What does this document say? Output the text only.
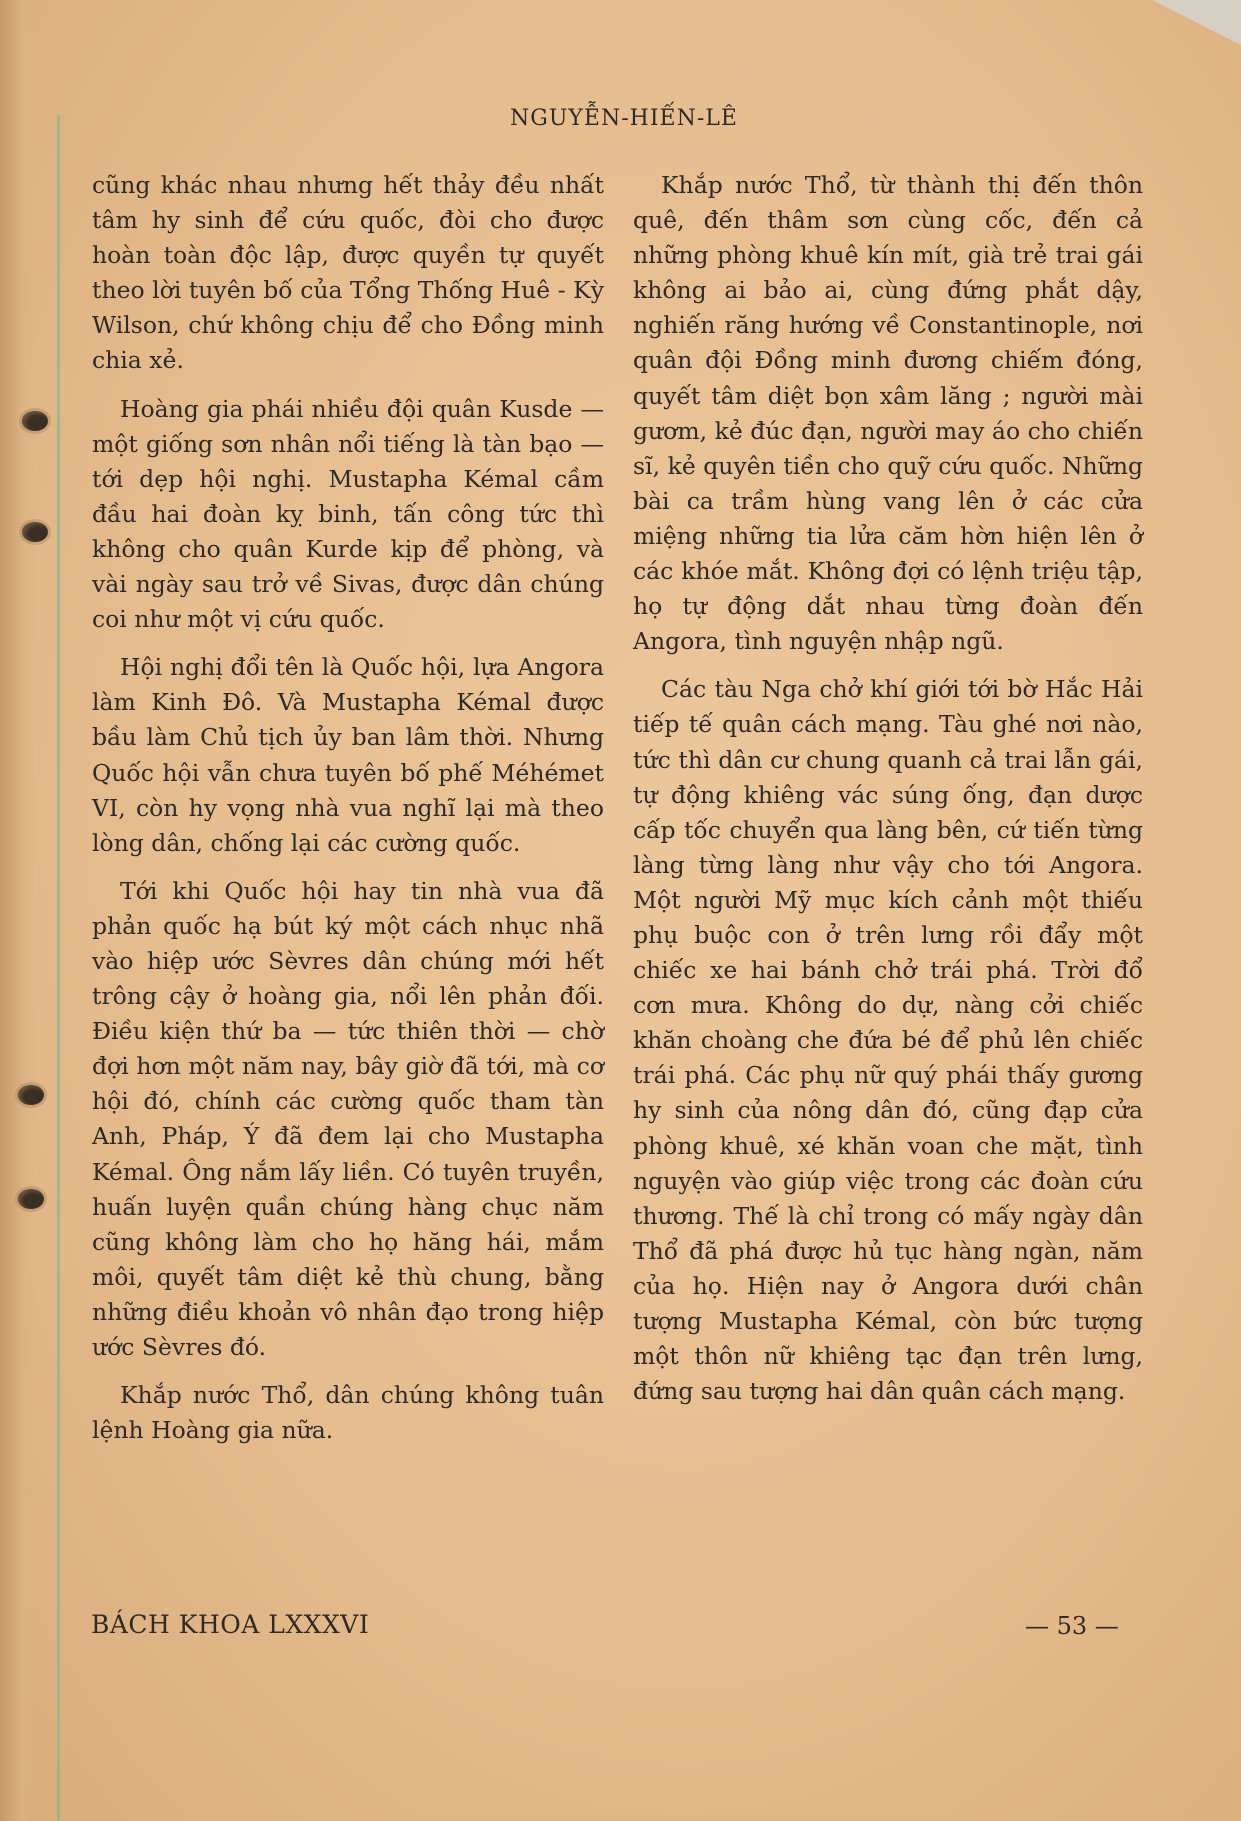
NGUYỄN-HIẾN-LÊ

cũng khác nhau nhưng hết thảy đều nhất tâm hy sinh để cứu quốc, đòi cho được hoàn toàn độc lập, được quyền tự quyết theo lời tuyên bố của Tổng Thống Huê - Kỳ Wilson, chứ không chịu để cho Đồng minh chia xẻ.

Hoàng gia phái nhiều đội quân Kusde — một giống sơn nhân nổi tiếng là tàn bạo — tới dẹp hội nghị. Mustapha Kémal cầm đầu hai đoàn kỵ binh, tấn công tức thì không cho quân Kurde kịp để phòng, và vài ngày sau trở về Sivas, được dân chúng coi như một vị cứu quốc.

Hội nghị đổi tên là Quốc hội, lựa Angora làm Kinh Đô. Và Mustapha Kémal được bầu làm Chủ tịch ủy ban lâm thời. Nhưng Quốc hội vẫn chưa tuyên bố phế Méhémet VI, còn hy vọng nhà vua nghĩ lại mà theo lòng dân, chống lại các cường quốc.

Tới khi Quốc hội hay tin nhà vua đã phản quốc hạ bút ký một cách nhục nhã vào hiệp ước Sèvres dân chúng mới hết trông cậy ở hoàng gia, nổi lên phản đối. Điều kiện thứ ba — tức thiên thời — chờ đợi hơn một năm nay, bây giờ đã tới, mà cơ hội đó, chính các cường quốc tham tàn Anh, Pháp, Ý đã đem lại cho Mustapha Kémal. Ông nắm lấy liền. Có tuyên truyền, huấn luyện quần chúng hàng chục năm cũng không làm cho họ hăng hái, mắm môi, quyết tâm diệt kẻ thù chung, bằng những điều khoản vô nhân đạo trong hiệp ước Sèvres đó.

Khắp nước Thổ, dân chúng không tuân lệnh Hoàng gia nữa.

Khắp nước Thổ, từ thành thị đến thôn quê, đến thâm sơn cùng cốc, đến cả những phòng khuê kín mít, già trẻ trai gái không ai bảo ai, cùng đứng phắt dậy, nghiến răng hướng về Constantinople, nơi quân đội Đồng minh đương chiếm đóng, quyết tâm diệt bọn xâm lăng ; người mài gươm, kẻ đúc đạn, người may áo cho chiến sĩ, kẻ quyên tiền cho quỹ cứu quốc. Những bài ca trầm hùng vang lên ở các cửa miệng những tia lửa căm hờn hiện lên ở các khóe mắt. Không đợi có lệnh triệu tập, họ tự động dắt nhau từng đoàn đến Angora, tình nguyện nhập ngũ.

Các tàu Nga chở khí giới tới bờ Hắc Hải tiếp tế quân cách mạng. Tàu ghé nơi nào, tức thì dân cư chung quanh cả trai lẫn gái, tự động khiêng vác súng ống, đạn dược cấp tốc chuyển qua làng bên, cứ tiến từng làng từng làng như vậy cho tới Angora. Một người Mỹ mục kích cảnh một thiếu phụ buộc con ở trên lưng rồi đẩy một chiếc xe hai bánh chở trái phá. Trời đổ cơn mưa. Không do dự, nàng cởi chiếc khăn choàng che đứa bé để phủ lên chiếc trái phá. Các phụ nữ quý phái thấy gương hy sinh của nông dân đó, cũng đạp cửa phòng khuê, xé khăn voan che mặt, tình nguyện vào giúp việc trong các đoàn cứu thương. Thế là chỉ trong có mấy ngày dân Thổ đã phá được hủ tục hàng ngàn, năm của họ. Hiện nay ở Angora dưới chân tượng Mustapha Kémal, còn bức tượng một thôn nữ khiêng tạc đạn trên lưng, đứng sau tượng hai dân quân cách mạng.

BÁCH KHOA LXXXVI	— 53 —
